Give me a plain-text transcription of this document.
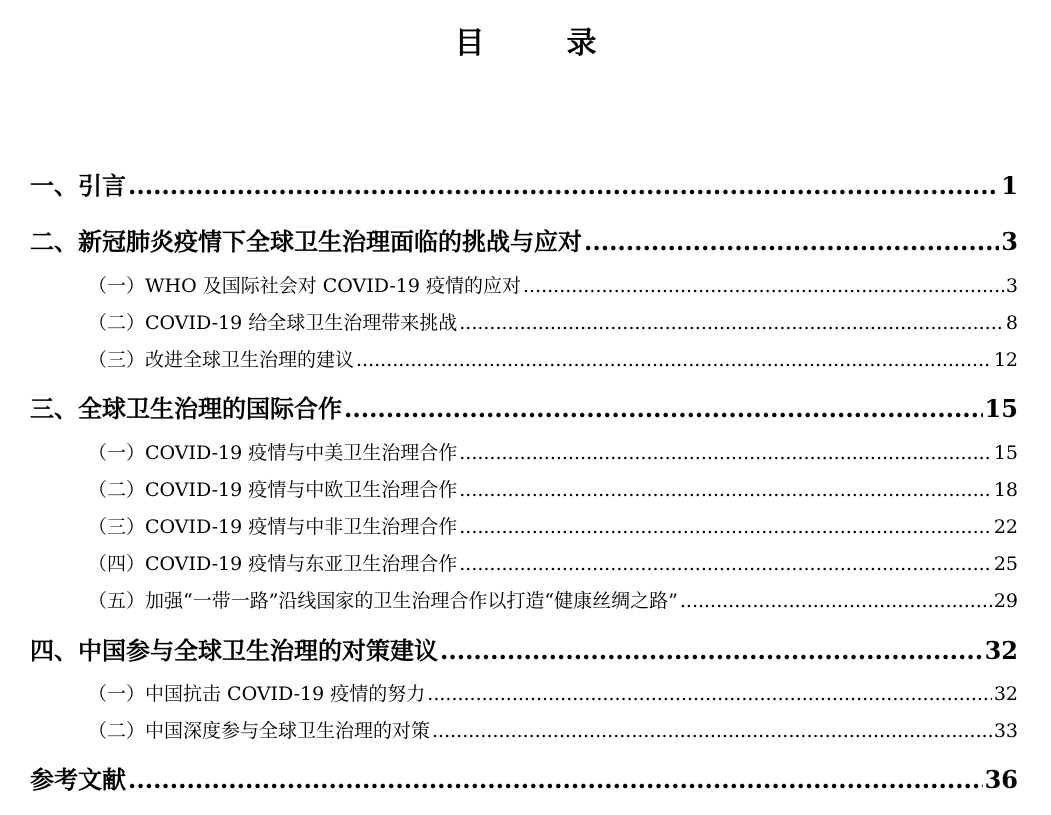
目　录
一、引言 .....	1
二、新冠肺炎疫情下全球卫生治理面临的挑战与应对 .....	3
（一）WHO 及国际社会对 COVID-19 疫情的应对 .....	3
（二）COVID-19 给全球卫生治理带来挑战 .....	8
（三）改进全球卫生治理的建议 .....	12
三、全球卫生治理的国际合作 .....	15
（一）COVID-19 疫情与中美卫生治理合作 .....	15
（二）COVID-19 疫情与中欧卫生治理合作 .....	18
（三）COVID-19 疫情与中非卫生治理合作 .....	22
（四）COVID-19 疫情与东亚卫生治理合作 .....	25
（五）加强“一带一路”沿线国家的卫生治理合作以打造“健康丝绸之路” .....	29
四、中国参与全球卫生治理的对策建议 .....	32
（一）中国抗击 COVID-19 疫情的努力 .....	32
（二）中国深度参与全球卫生治理的对策 .....	33
参考文献 .....	36
